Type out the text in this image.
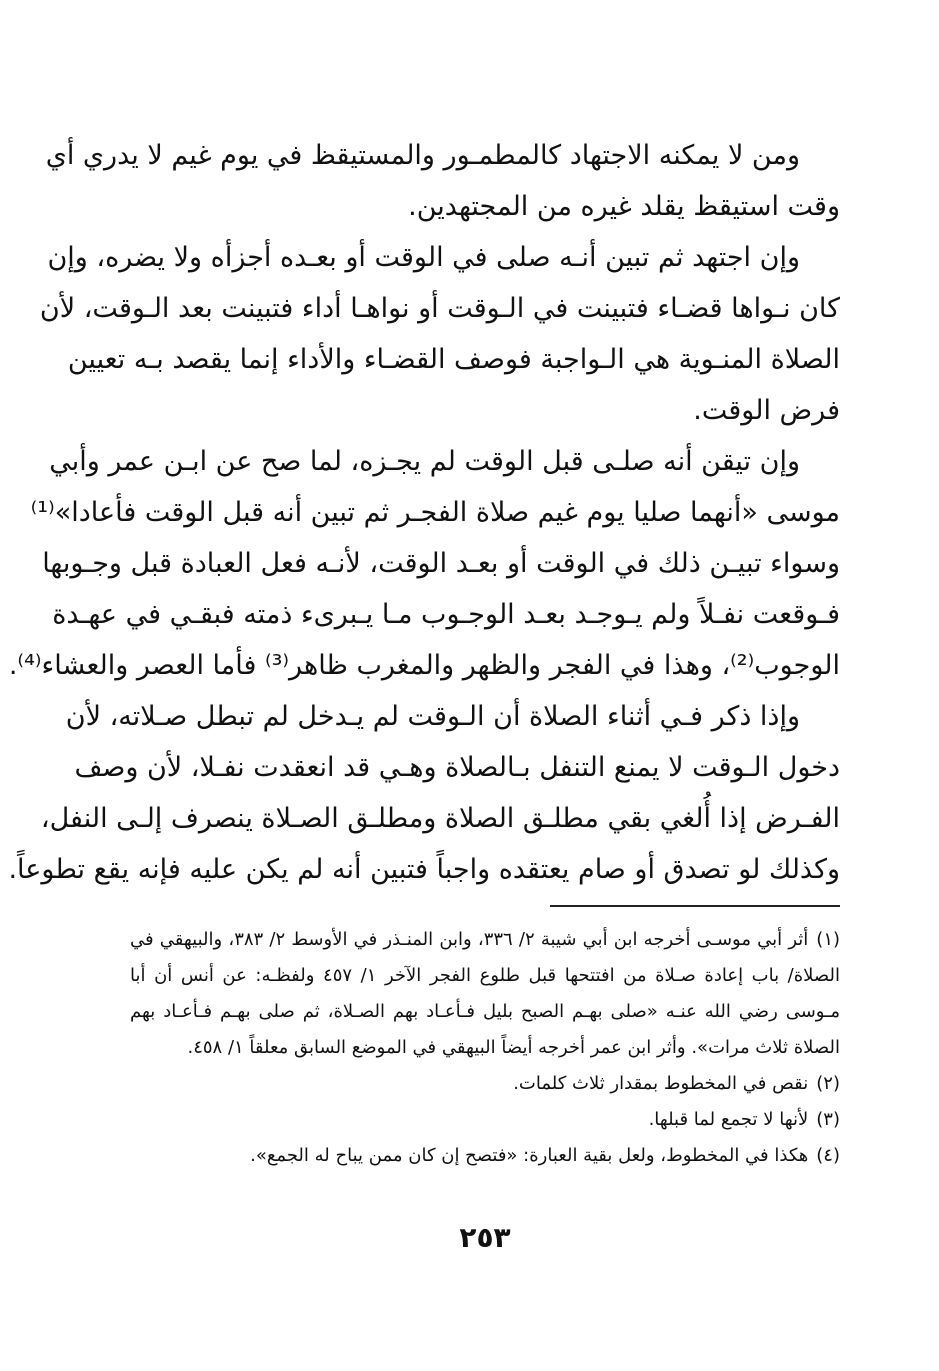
ومن لا يمكنه الاجتهاد كالمطمـور والمستيقظ في يوم غيم لا يدري أي
وقت استيقظ يقلد غيره من المجتهدين.
وإن اجتهد ثم تبين أنـه صلى في الوقت أو بعـده أجزأه ولا يضره، وإن
كان نـواها قضـاء فتبينت في الـوقت أو نواهـا أداء فتبينت بعد الـوقت، لأن
الصلاة المنـوية هي الـواجبة فوصف القضـاء والأداء إنما يقصد بـه تعيين
فرض الوقت.
وإن تيقن أنه صلـى قبل الوقت لم يجـزه، لما صح عن ابـن عمر وأبي
موسى «أنهما صليا يوم غيم صلاة الفجـر ثم تبين أنه قبل الوقت فأعادا»⁽¹⁾
وسواء تبيـن ذلك في الوقت أو بعـد الوقت، لأنـه فعل العبادة قبل وجـوبها
فـوقعت نفـلاً ولم يـوجـد بعـد الوجـوب مـا يـبرىء ذمته فبقـي في عهـدة
الوجوب⁽²⁾، وهذا في الفجر والظهر والمغرب ظاهر⁽³⁾ فأما العصر والعشاء⁽⁴⁾.
وإذا ذكر فـي أثناء الصلاة أن الـوقت لم يـدخل لم تبطل صـلاته، لأن
دخول الـوقت لا يمنع التنفل بـالصلاة وهـي قد انعقدت نفـلا، لأن وصف
الفـرض إذا أُلغي بقي مطلـق الصلاة ومطلـق الصـلاة ينصرف إلـى النفل،
وكذلك لو تصدق أو صام يعتقده واجباً فتبين أنه لم يكن عليه فإنه يقع تطوعاً.
(١)أثر أبي موسـى أخرجه ابن أبي شيبة ٢/ ٣٣٦، وابن المنـذر في الأوسط ٢/ ٣٨٣، والبيهقي في
الصلاة/ باب إعادة صـلاة من افتتحها قبل طلوع الفجر الآخر ١/ ٤٥٧ ولفظـه: عن أنس أن أبا
مـوسى رضي الله عنـه «صلى بهـم الصبح بليل فـأعـاد بهم الصـلاة، ثم صلى بهـم فـأعـاد بهم
الصلاة ثلاث مرات». وأثر ابن عمر أخرجه أيضاً البيهقي في الموضع السابق معلقاً ١/ ٤٥٨.
(٢)نقص في المخطوط بمقدار ثلاث كلمات.
(٣)لأنها لا تجمع لما قبلها.
(٤)هكذا في المخطوط، ولعل بقية العبارة: «فتصح إن كان ممن يباح له الجمع».
٢٥٣
